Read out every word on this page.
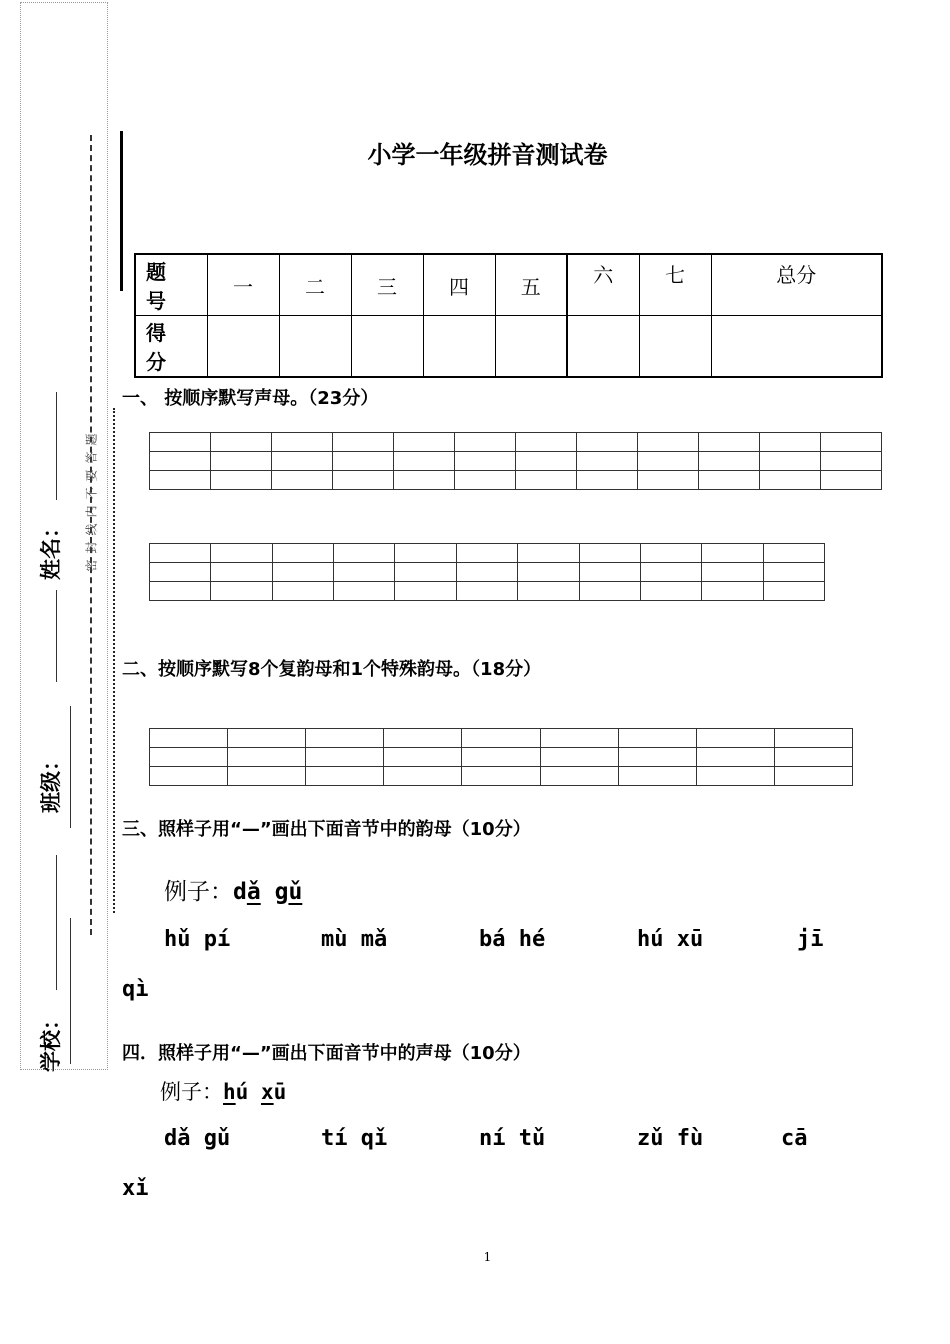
姓名：
班级：
学校：
密封线内不要答题
小学一年级拼音测试卷
题 号	一	二	三	四	五	六	七	总分
得 分								
一、 按顺序默写声母。（23分）

二、按顺序默写8个复韵母和1个特殊韵母。（18分）

三、照样子用“—”画出下面音节中的韵母（10分）
例子：dǎ gǔ
hǔ pí	mù mǎ	bá hé	hú xū	jī
qì
四．照样子用“—”画出下面音节中的声母（10分）
例子：hú xū
dǎ gǔ	tí qǐ	ní tǔ	zǔ fù	cā
xǐ
1
